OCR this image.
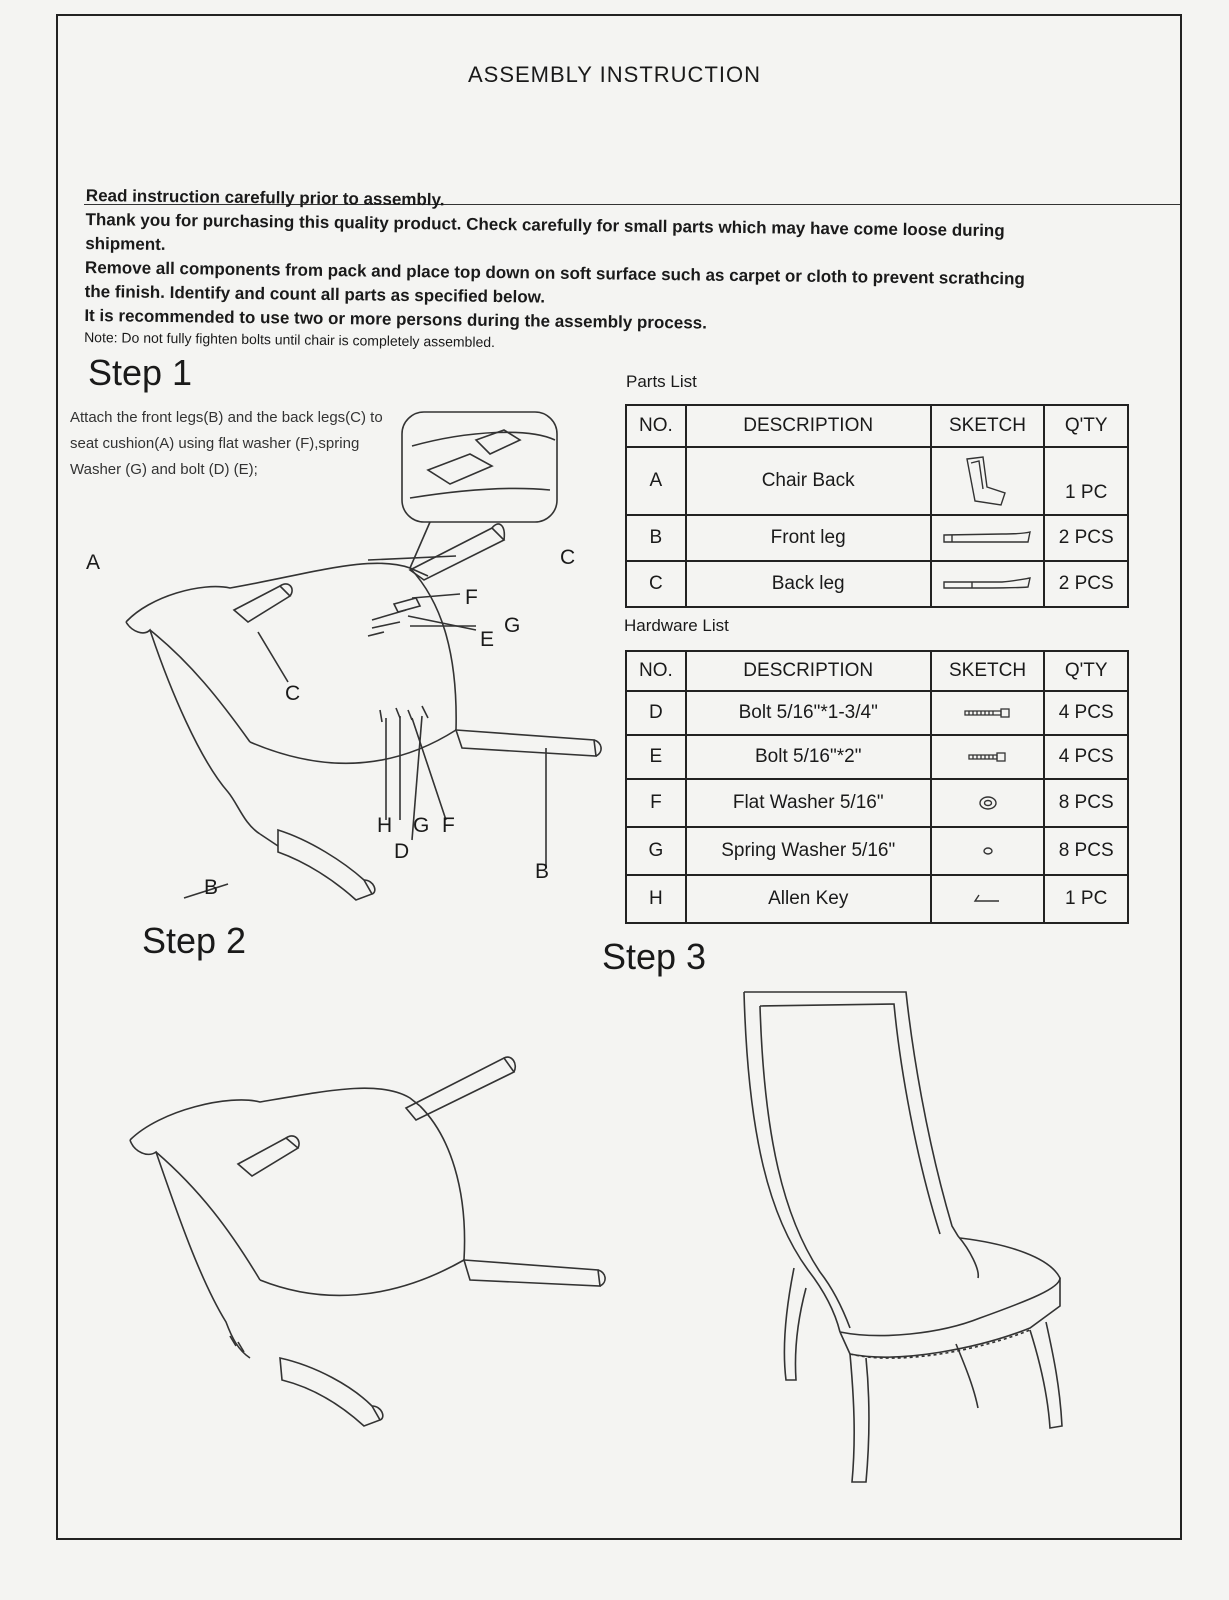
ASSEMBLY INSTRUCTION

Read instruction carefully prior to assembly.

Thank you for purchasing this quality product. Check carefully for small parts which may have come loose during shipment.

Remove all components from pack and place top down on soft surface such as carpet or cloth to prevent scrathcing the finish. Identify and count all parts as specified below.

It is recommended to use two or more persons during the assembly process.

Note: Do not fully fighten bolts until chair is completely assembled.

Step 1
Attach the front legs(B) and the back legs(C) to seat cushion(A) using flat washer (F),spring Washer (G) and bolt (D) (E);
A	C
F
E
G
C
H G F
D
B
B
Parts List
NO.	DESCRIPTION	SKETCH	Q'TY
A	Chair Back		1 PC
B	Front leg		2 PCS
C	Back leg		2 PCS
Hardware List
NO.	DESCRIPTION	SKETCH	Q'TY
D	Bolt 5/16"*1-3/4"		4 PCS
E	Bolt 5/16"*2"		4 PCS
F	Flat Washer 5/16"		8 PCS
G	Spring Washer 5/16"		8 PCS
H	Allen Key		1 PC
Step 2	Step 3
